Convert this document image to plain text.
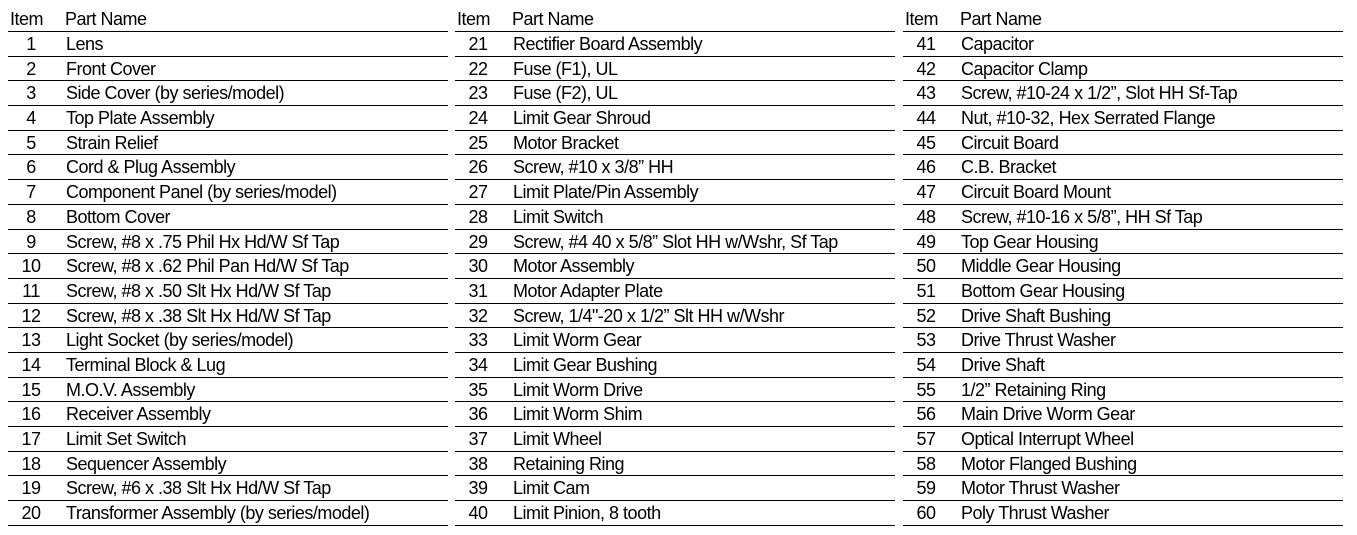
Item Part Name
1	Lens
2	Front Cover
3	Side Cover (by series/model)
4	Top Plate Assembly
5	Strain Relief
6	Cord & Plug Assembly
7	Component Panel (by series/model)
8	Bottom Cover
9	Screw, #8 x .75 Phil Hx Hd/W Sf Tap
10	Screw, #8 x .62 Phil Pan Hd/W Sf Tap
11	Screw, #8 x .50 Slt Hx Hd/W Sf Tap
12	Screw, #8 x .38 Slt Hx Hd/W Sf Tap
13	Light Socket (by series/model)
14	Terminal Block & Lug
15	M.O.V. Assembly
16	Receiver Assembly
17	Limit Set Switch
18	Sequencer Assembly
19	Screw, #6 x .38 Slt Hx Hd/W Sf Tap
20	Transformer Assembly (by series/model)
Item Part Name
21	Rectifier Board Assembly
22	Fuse (F1), UL
23	Fuse (F2), UL
24	Limit Gear Shroud
25	Motor Bracket
26	Screw, #10 x 3/8” HH
27	Limit Plate/Pin Assembly
28	Limit Switch
29	Screw, #4 40 x 5/8” Slot HH w/Wshr, Sf Tap
30	Motor Assembly
31	Motor Adapter Plate
32	Screw, 1/4"-20 x 1/2” Slt HH w/Wshr
33	Limit Worm Gear
34	Limit Gear Bushing
35	Limit Worm Drive
36	Limit Worm Shim
37	Limit Wheel
38	Retaining Ring
39	Limit Cam
40	Limit Pinion, 8 tooth
Item Part Name
41	Capacitor
42	Capacitor Clamp
43	Screw, #10-24 x 1/2”, Slot HH Sf-Tap
44	Nut, #10-32, Hex Serrated Flange
45	Circuit Board
46	C.B. Bracket
47	Circuit Board Mount
48	Screw, #10-16 x 5/8”, HH Sf Tap
49	Top Gear Housing
50	Middle Gear Housing
51	Bottom Gear Housing
52	Drive Shaft Bushing
53	Drive Thrust Washer
54	Drive Shaft
55	1/2” Retaining Ring
56	Main Drive Worm Gear
57	Optical Interrupt Wheel
58	Motor Flanged Bushing
59	Motor Thrust Washer
60	Poly Thrust Washer
